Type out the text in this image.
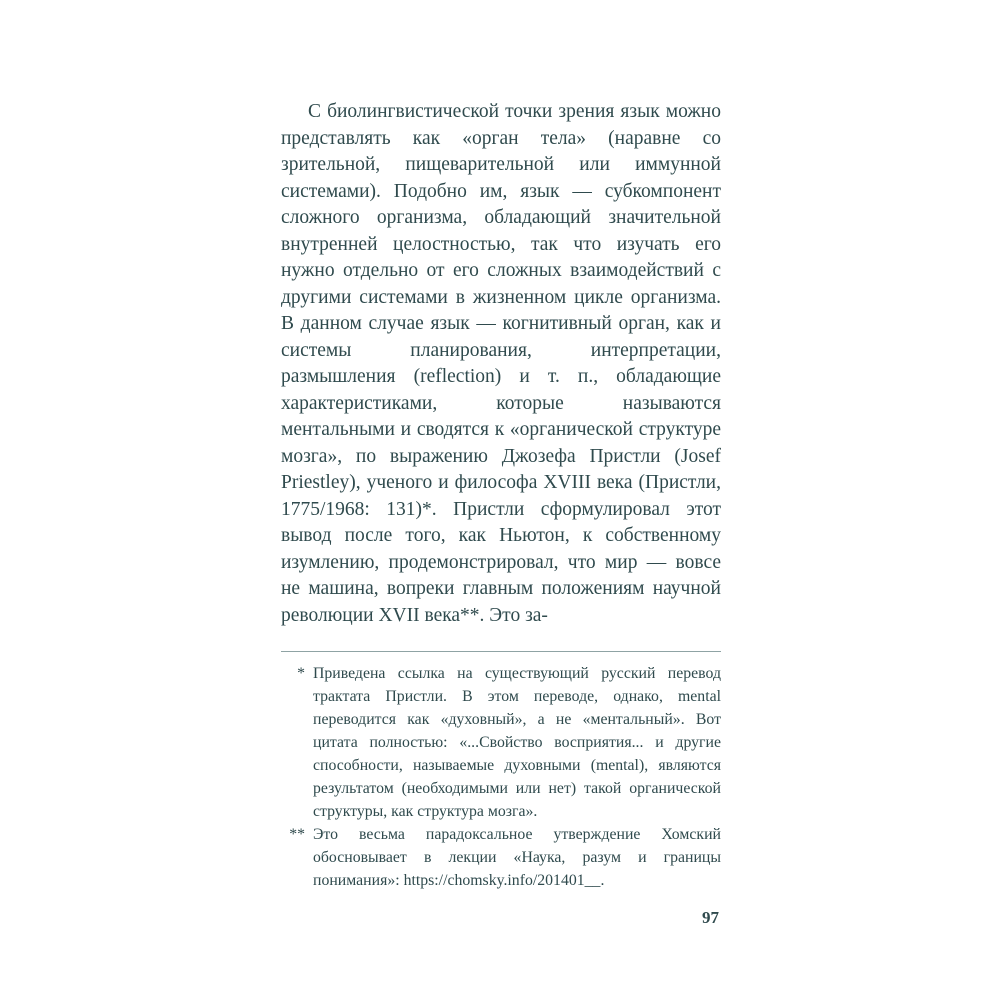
С биолингвистической точки зрения язык можно представлять как «орган тела» (наравне со зрительной, пищеварительной или иммунной системами). Подобно им, язык — субкомпонент сложного организма, обладающий значительной внутренней целостностью, так что изучать его нужно отдельно от его сложных взаимодействий с другими системами в жизненном цикле организма. В данном случае язык — когнитивный орган, как и системы планирования, интерпретации, размышления (reflection) и т. п., обладающие характеристиками, которые называются ментальными и сводятся к «органической структуре мозга», по выражению Джозефа Пристли (Josef Priestley), ученого и философа XVIII века (Пристли, 1775/1968: 131)*. Пристли сформулировал этот вывод после того, как Ньютон, к собственному изумлению, продемонстрировал, что мир — вовсе не машина, вопреки главным положениям научной революции XVII века**. Это за-

* Приведена ссылка на существующий русский перевод трактата Пристли. В этом переводе, однако, mental переводится как «духовный», а не «ментальный». Вот цитата полностью: «...Свойство восприятия... и другие способности, называемые духовными (mental), являются результатом (необходимыми или нет) такой органической структуры, как структура мозга».
** Это весьма парадоксальное утверждение Хомский обосновывает в лекции «Наука, разум и границы понимания»: https://chomsky.info/201401__.
97
